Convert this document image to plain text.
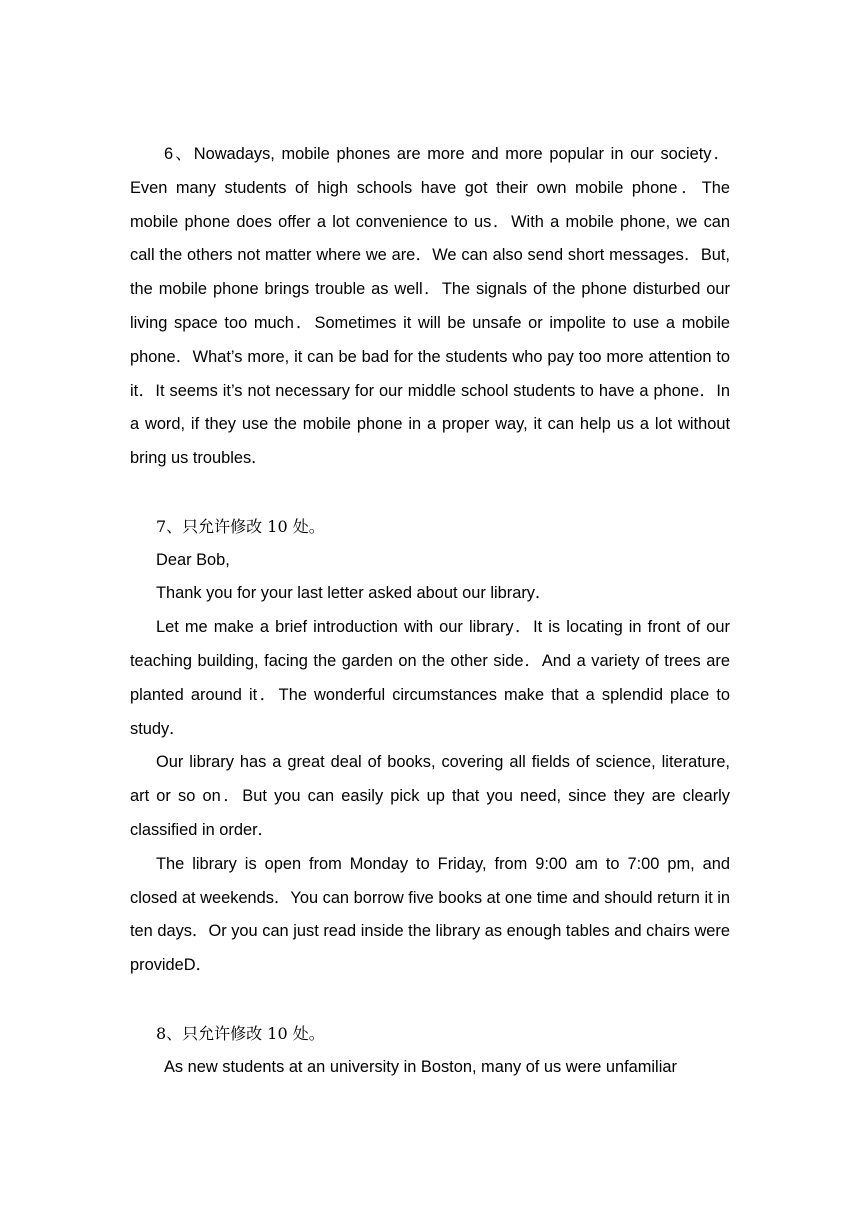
6、Nowadays, mobile phones are more and more popular in our society．Even many students of high schools have got their own mobile phone．The mobile phone does offer a lot convenience to us．With a mobile phone, we can call the others not matter where we are．We can also send short messages．But, the mobile phone brings trouble as well．The signals of the phone disturbed our living space too much．Sometimes it will be unsafe or impolite to use a mobile phone．What’s more, it can be bad for the students who pay too more attention to it．It seems it’s not necessary for our middle school students to have a phone．In a word, if they use the mobile phone in a proper way, it can help us a lot without bring us troubles．

7、只允许修改 10 处。

Dear Bob,

Thank you for your last letter asked about our library．

Let me make a brief introduction with our library．It is locating in front of our teaching building, facing the garden on the other side．And a variety of trees are planted around it．The wonderful circumstances make that a splendid place to study．

Our library has a great deal of books, covering all fields of science, literature, art or so on．But you can easily pick up that you need, since they are clearly classified in order．

The library is open from Monday to Friday, from 9:00 am to 7:00 pm, and closed at weekends．You can borrow five books at one time and should return it in ten days．Or you can just read inside the library as enough tables and chairs were provideD．

8、只允许修改 10 处。

As new students at an university in Boston, many of us were unfamiliar
